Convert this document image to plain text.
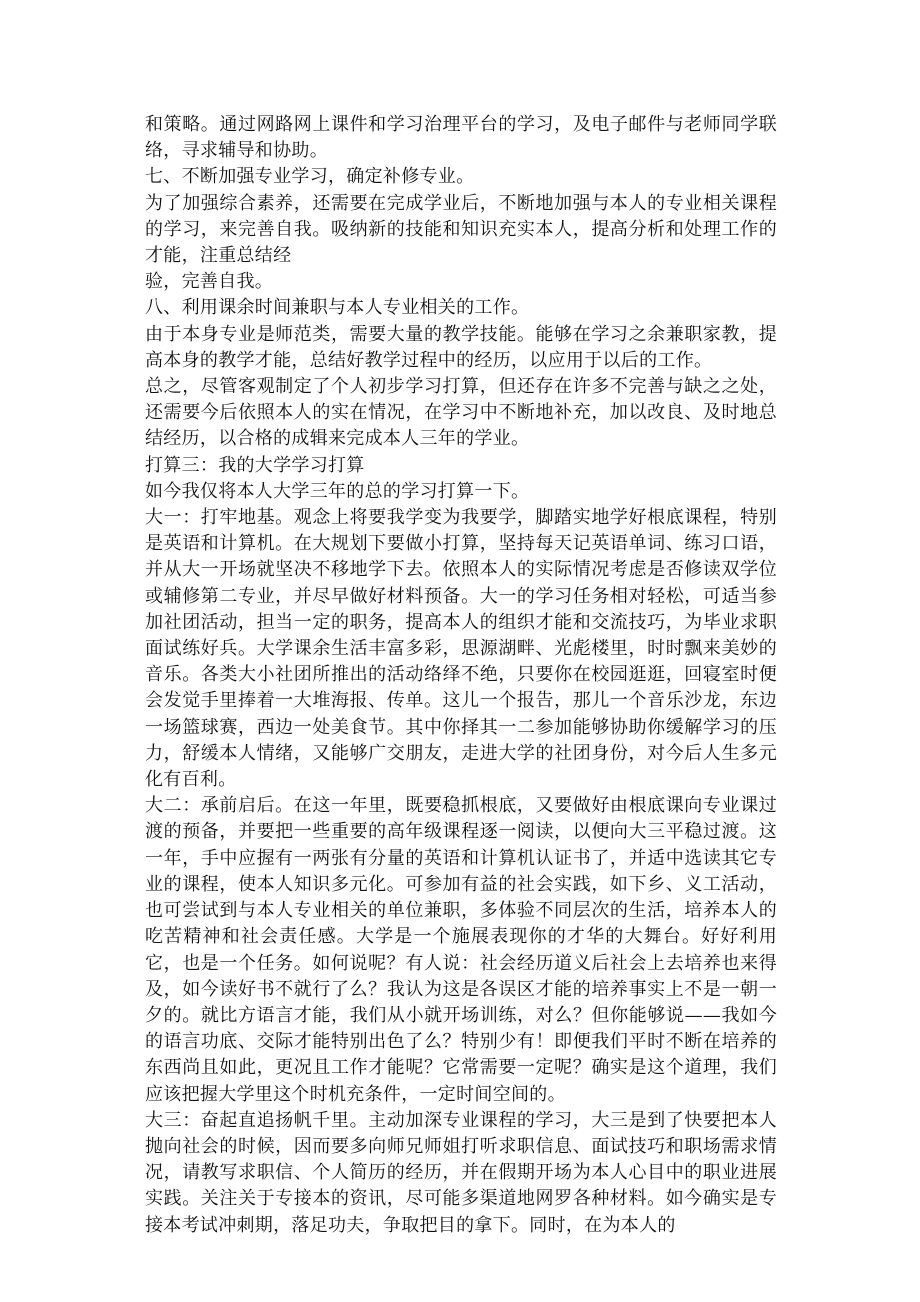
和策略。通过网路网上课件和学习治理平台的学习，及电子邮件与老师同学联络，寻求辅导和协助。

七、不断加强专业学习，确定补修专业。

为了加强综合素养，还需要在完成学业后，不断地加强与本人的专业相关课程的学习，来完善自我。吸纳新的技能和知识充实本人，提高分析和处理工作的才能，注重总结经

验，完善自我。

八、利用课余时间兼职与本人专业相关的工作。

由于本身专业是师范类，需要大量的教学技能。能够在学习之余兼职家教，提高本身的教学才能，总结好教学过程中的经历，以应用于以后的工作。

总之，尽管客观制定了个人初步学习打算，但还存在许多不完善与缺之之处，还需要今后依照本人的实在情况，在学习中不断地补充，加以改良、及时地总结经历，以合格的成辑来完成本人三年的学业。

打算三：我的大学学习打算

如今我仅将本人大学三年的总的学习打算一下。

大一：打牢地基。观念上将要我学变为我要学，脚踏实地学好根底课程，特别是英语和计算机。在大规划下要做小打算，坚持每天记英语单词、练习口语，并从大一开场就坚决不移地学下去。依照本人的实际情况考虑是否修读双学位或辅修第二专业，并尽早做好材料预备。大一的学习任务相对轻松，可适当参加社团活动，担当一定的职务，提高本人的组织才能和交流技巧，为毕业求职面试练好兵。大学课余生活丰富多彩，思源湖畔、光彪楼里，时时飘来美妙的音乐。各类大小社团所推出的活动络绎不绝，只要你在校园逛逛，回寝室时便会发觉手里捧着一大堆海报、传单。这儿一个报告，那儿一个音乐沙龙，东边一场篮球赛，西边一处美食节。其中你择其一二参加能够协助你缓解学习的压力，舒缓本人情绪，又能够广交朋友，走进大学的社团身份，对今后人生多元化有百利。

大二：承前启后。在这一年里，既要稳抓根底，又要做好由根底课向专业课过渡的预备，并要把一些重要的高年级课程逐一阅读，以便向大三平稳过渡。这一年，手中应握有一两张有分量的英语和计算机认证书了，并适中选读其它专业的课程，使本人知识多元化。可参加有益的社会实践，如下乡、义工活动，也可尝试到与本人专业相关的单位兼职，多体验不同层次的生活，培养本人的吃苦精神和社会责任感。大学是一个施展表现你的才华的大舞台。好好利用它，也是一个任务。如何说呢？有人说：社会经历道义后社会上去培养也来得及，如今读好书不就行了么？我认为这是各误区才能的培养事实上不是一朝一夕的。就比方语言才能，我们从小就开场训练，对么？但你能够说——我如今的语言功底、交际才能特别出色了么？特别少有！即便我们平时不断在培养的东西尚且如此，更况且工作才能呢？它常需要一定呢？确实是这个道理，我们应该把握大学里这个时机充条件，一定时间空间的。

大三：奋起直追扬帆千里。主动加深专业课程的学习，大三是到了快要把本人抛向社会的时候，因而要多向师兄师姐打听求职信息、面试技巧和职场需求情况，请教写求职信、个人简历的经历，并在假期开场为本人心目中的职业进展实践。关注关于专接本的资讯，尽可能多渠道地网罗各种材料。如今确实是专接本考试冲刺期，落足功夫，争取把目的拿下。同时，在为本人的
